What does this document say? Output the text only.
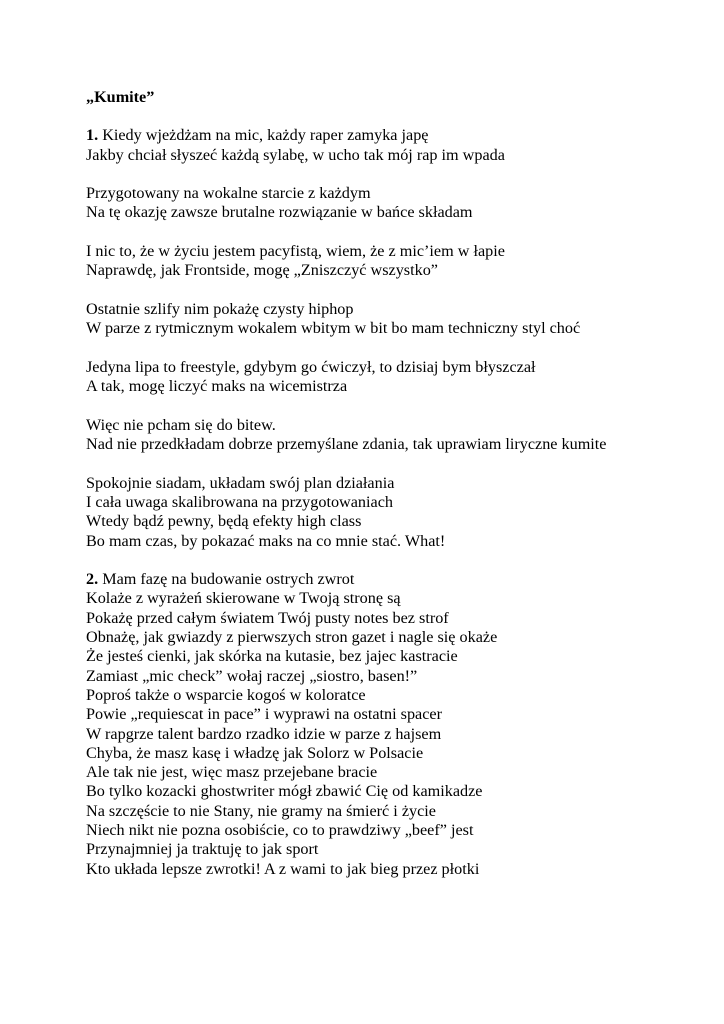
„Kumite”
1. Kiedy wjeżdżam na mic, każdy raper zamyka japę
Jakby chciał słyszeć każdą sylabę, w ucho tak mój rap im wpada
Przygotowany na wokalne starcie z każdym
Na tę okazję zawsze brutalne rozwiązanie w bańce składam
I nic to, że w życiu jestem pacyfistą, wiem, że z mic’iem w łapie
Naprawdę, jak Frontside, mogę „Zniszczyć wszystko”
Ostatnie szlify nim pokażę czysty hiphop
W parze z rytmicznym wokalem wbitym w bit bo mam techniczny styl choć
Jedyna lipa to freestyle, gdybym go ćwiczył, to dzisiaj bym błyszczał
A tak, mogę liczyć maks na wicemistrza
Więc nie pcham się do bitew.
Nad nie przedkładam dobrze przemyślane zdania, tak uprawiam liryczne kumite
Spokojnie siadam, układam swój plan działania
I cała uwaga skalibrowana na przygotowaniach
Wtedy bądź pewny, będą efekty high class
Bo mam czas, by pokazać maks na co mnie stać. What!
2. Mam fazę na budowanie ostrych zwrot
Kolaże z wyrażeń skierowane w Twoją stronę są
Pokażę przed całym światem Twój pusty notes bez strof
Obnażę, jak gwiazdy z pierwszych stron gazet i nagle się okaże
Że jesteś cienki, jak skórka na kutasie, bez jajec kastracie
Zamiast „mic check” wołaj raczej „siostro, basen!”
Poproś także o wsparcie kogoś w koloratce
Powie „requiescat in pace” i wyprawi na ostatni spacer
W rapgrze talent bardzo rzadko idzie w parze z hajsem
Chyba, że masz kasę i władzę jak Solorz w Polsacie
Ale tak nie jest, więc masz przejebane bracie
Bo tylko kozacki ghostwriter mógł zbawić Cię od kamikadze
Na szczęście to nie Stany, nie gramy na śmierć i życie
Niech nikt nie pozna osobiście, co to prawdziwy „beef” jest
Przynajmniej ja traktuję to jak sport
Kto układa lepsze zwrotki! A z wami to jak bieg przez płotki
